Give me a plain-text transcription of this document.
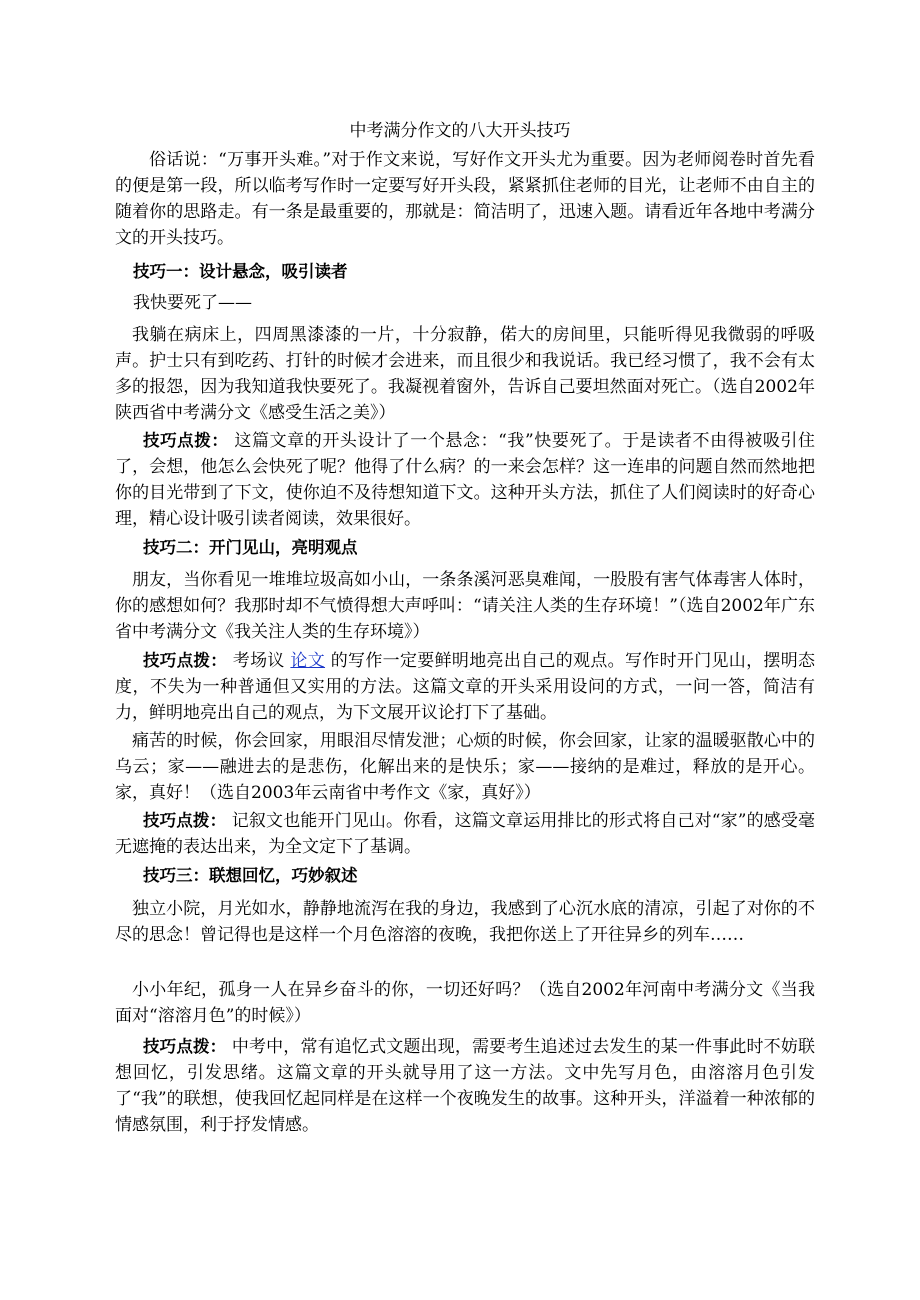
中考满分作文的八大开头技巧

俗话说：“万事开头难。”对于作文来说，写好作文开头尤为重要。因为老师阅卷时首先看的便是第一段，所以临考写作时一定要写好开头段，紧紧抓住老师的目光，让老师不由自主的随着你的思路走。有一条是最重要的，那就是：简洁明了，迅速入题。请看近年各地中考满分文的开头技巧。

技巧一：设计悬念，吸引读者

我快要死了——

我躺在病床上，四周黑漆漆的一片，十分寂静，偌大的房间里，只能听得见我微弱的呼吸声。护士只有到吃药、打针的时候才会进来，而且很少和我说话。我已经习惯了，我不会有太多的报怨，因为我知道我快要死了。我凝视着窗外，告诉自己要坦然面对死亡。（选自2002年陕西省中考满分文《感受生活之美》）

技巧点拨： 这篇文章的开头设计了一个悬念：“我”快要死了。于是读者不由得被吸引住了，会想，他怎么会快死了呢？他得了什么病？的一来会怎样？这一连串的问题自然而然地把你的目光带到了下文，使你迫不及待想知道下文。这种开头方法，抓住了人们阅读时的好奇心理，精心设计吸引读者阅读，效果很好。

技巧二：开门见山，亮明观点

朋友，当你看见一堆堆垃圾高如小山，一条条溪河恶臭难闻，一股股有害气体毒害人体时，你的感想如何？我那时却不气愤得想大声呼叫：“请关注人类的生存环境！”（选自2002年广东省中考满分文《我关注人类的生存环境》）

技巧点拨： 考场议 论文 的写作一定要鲜明地亮出自己的观点。写作时开门见山，摆明态度，不失为一种普通但又实用的方法。这篇文章的开头采用设问的方式，一问一答，简洁有力，鲜明地亮出自己的观点，为下文展开议论打下了基础。

痛苦的时候，你会回家，用眼泪尽情发泄；心烦的时候，你会回家，让家的温暖驱散心中的乌云；家——融进去的是悲伤，化解出来的是快乐；家——接纳的是难过，释放的是开心。家，真好！（选自2003年云南省中考作文《家，真好》）

技巧点拨： 记叙文也能开门见山。你看，这篇文章运用排比的形式将自己对“家”的感受毫无遮掩的表达出来，为全文定下了基调。

技巧三：联想回忆，巧妙叙述

独立小院，月光如水，静静地流泻在我的身边，我感到了心沉水底的清凉，引起了对你的不尽的思念！曾记得也是这样一个月色溶溶的夜晚，我把你送上了开往异乡的列车……

小小年纪，孤身一人在异乡奋斗的你，一切还好吗？（选自2002年河南中考满分文《当我面对“溶溶月色”的时候》）

技巧点拨： 中考中，常有追忆式文题出现，需要考生追述过去发生的某一件事此时不妨联想回忆，引发思绪。这篇文章的开头就导用了这一方法。文中先写月色，由溶溶月色引发了“我”的联想，使我回忆起同样是在这样一个夜晚发生的故事。这种开头，洋溢着一种浓郁的情感氛围，利于抒发情感。
